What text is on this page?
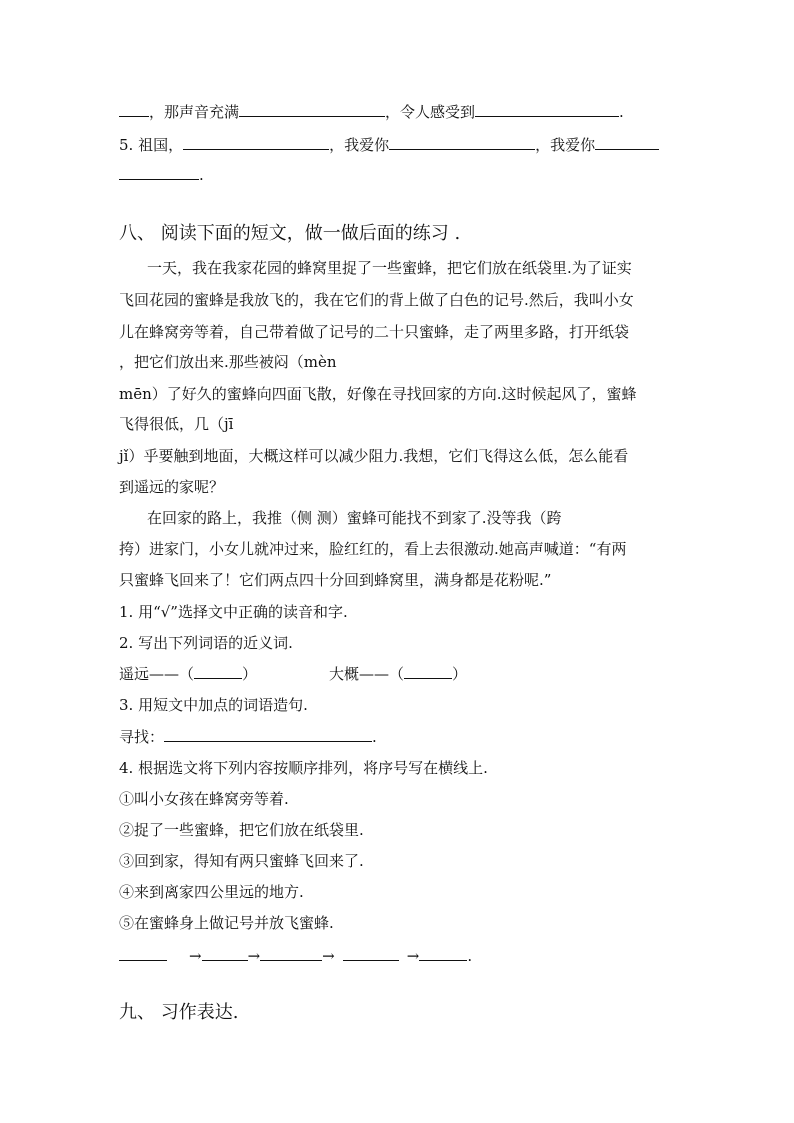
，那声音充满	，令人感受到	.
5. 祖国，	，我爱你	，我爱你
.
八、 阅读下面的短文，做一做后面的练习 .
一天，我在我家花园的蜂窝里捉了一些蜜蜂，把它们放在纸袋里.为了证实
飞回花园的蜜蜂是我放飞的，我在它们的背上做了白色的记号.然后，我叫小女
儿在蜂窝旁等着，自己带着做了记号的二十只蜜蜂，走了两里多路，打开纸袋
，把它们放出来.那些被闷（mèn
mēn）了好久的蜜蜂向四面飞散，好像在寻找回家的方向.这时候起风了，蜜蜂
飞得很低，几（jī
jǐ）乎要触到地面，大概这样可以减少阻力.我想，它们飞得这么低，怎么能看
到遥远的家呢？
在回家的路上，我推（侧 测）蜜蜂可能找不到家了.没等我（跨
挎）进家门，小女儿就冲过来，脸红红的，看上去很激动.她高声喊道：“有两
只蜜蜂飞回来了！它们两点四十分回到蜂窝里，满身都是花粉呢.”
1. 用“√”选择文中正确的读音和字.
2. 写出下列词语的近义词.
遥远——（	）	大概——（	）
3. 用短文中加点的词语造句.
寻找：	.
4. 根据选文将下列内容按顺序排列，将序号写在横线上.
①叫小女孩在蜂窝旁等着.
②捉了一些蜜蜂，把它们放在纸袋里.
③回到家，得知有两只蜜蜂飞回来了.
④来到离家四公里远的地方.
⑤在蜜蜂身上做记号并放飞蜜蜂.
→	→	→	→	.
九、 习作表达.
